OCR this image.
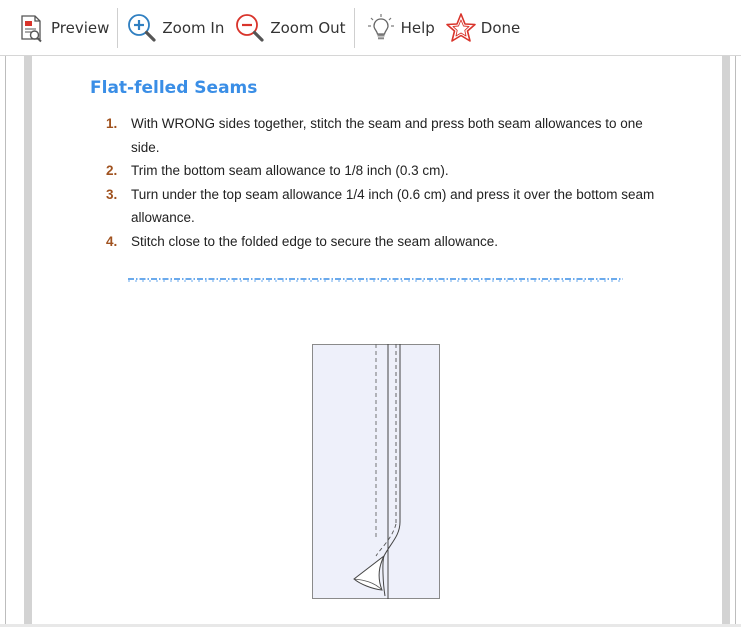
Preview	Zoom In	Zoom Out	Help	Done
Flat-felled Seams
1. With WRONG sides together, stitch the seam and press both seam allowances to one side.
2. Trim the bottom seam allowance to 1/8 inch (0.3 cm).
3. Turn under the top seam allowance 1/4 inch (0.6 cm) and press it over the bottom seam allowance.
4. Stitch close to the folded edge to secure the seam allowance.
